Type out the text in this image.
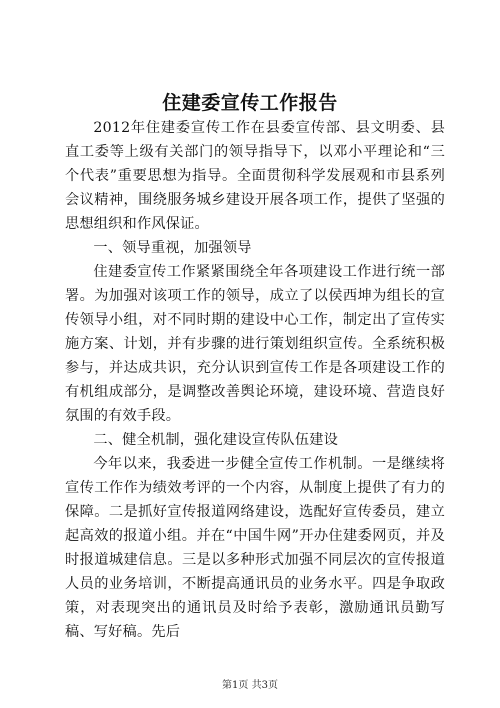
住建委宣传工作报告

2012年住建委宣传工作在县委宣传部、县文明委、县直工委等上级有关部门的领导指导下，以邓小平理论和“三个代表”重要思想为指导。全面贯彻科学发展观和市县系列会议精神，围绕服务城乡建设开展各项工作，提供了坚强的思想组织和作风保证。

一、领导重视，加强领导

住建委宣传工作紧紧围绕全年各项建设工作进行统一部署。为加强对该项工作的领导，成立了以侯西坤为组长的宣传领导小组，对不同时期的建设中心工作，制定出了宣传实施方案、计划，并有步骤的进行策划组织宣传。全系统积极参与，并达成共识，充分认识到宣传工作是各项建设工作的有机组成部分，是调整改善舆论环境，建设环境、营造良好氛围的有效手段。

二、健全机制，强化建设宣传队伍建设

今年以来，我委进一步健全宣传工作机制。一是继续将宣传工作作为绩效考评的一个内容，从制度上提供了有力的保障。二是抓好宣传报道网络建设，选配好宣传委员，建立起高效的报道小组。并在“中国牛网”开办住建委网页，并及时报道城建信息。三是以多种形式加强不同层次的宣传报道人员的业务培训，不断提高通讯员的业务水平。四是争取政策，对表现突出的通讯员及时给予表彰，激励通讯员勤写稿、写好稿。先后

第1页 共3页
